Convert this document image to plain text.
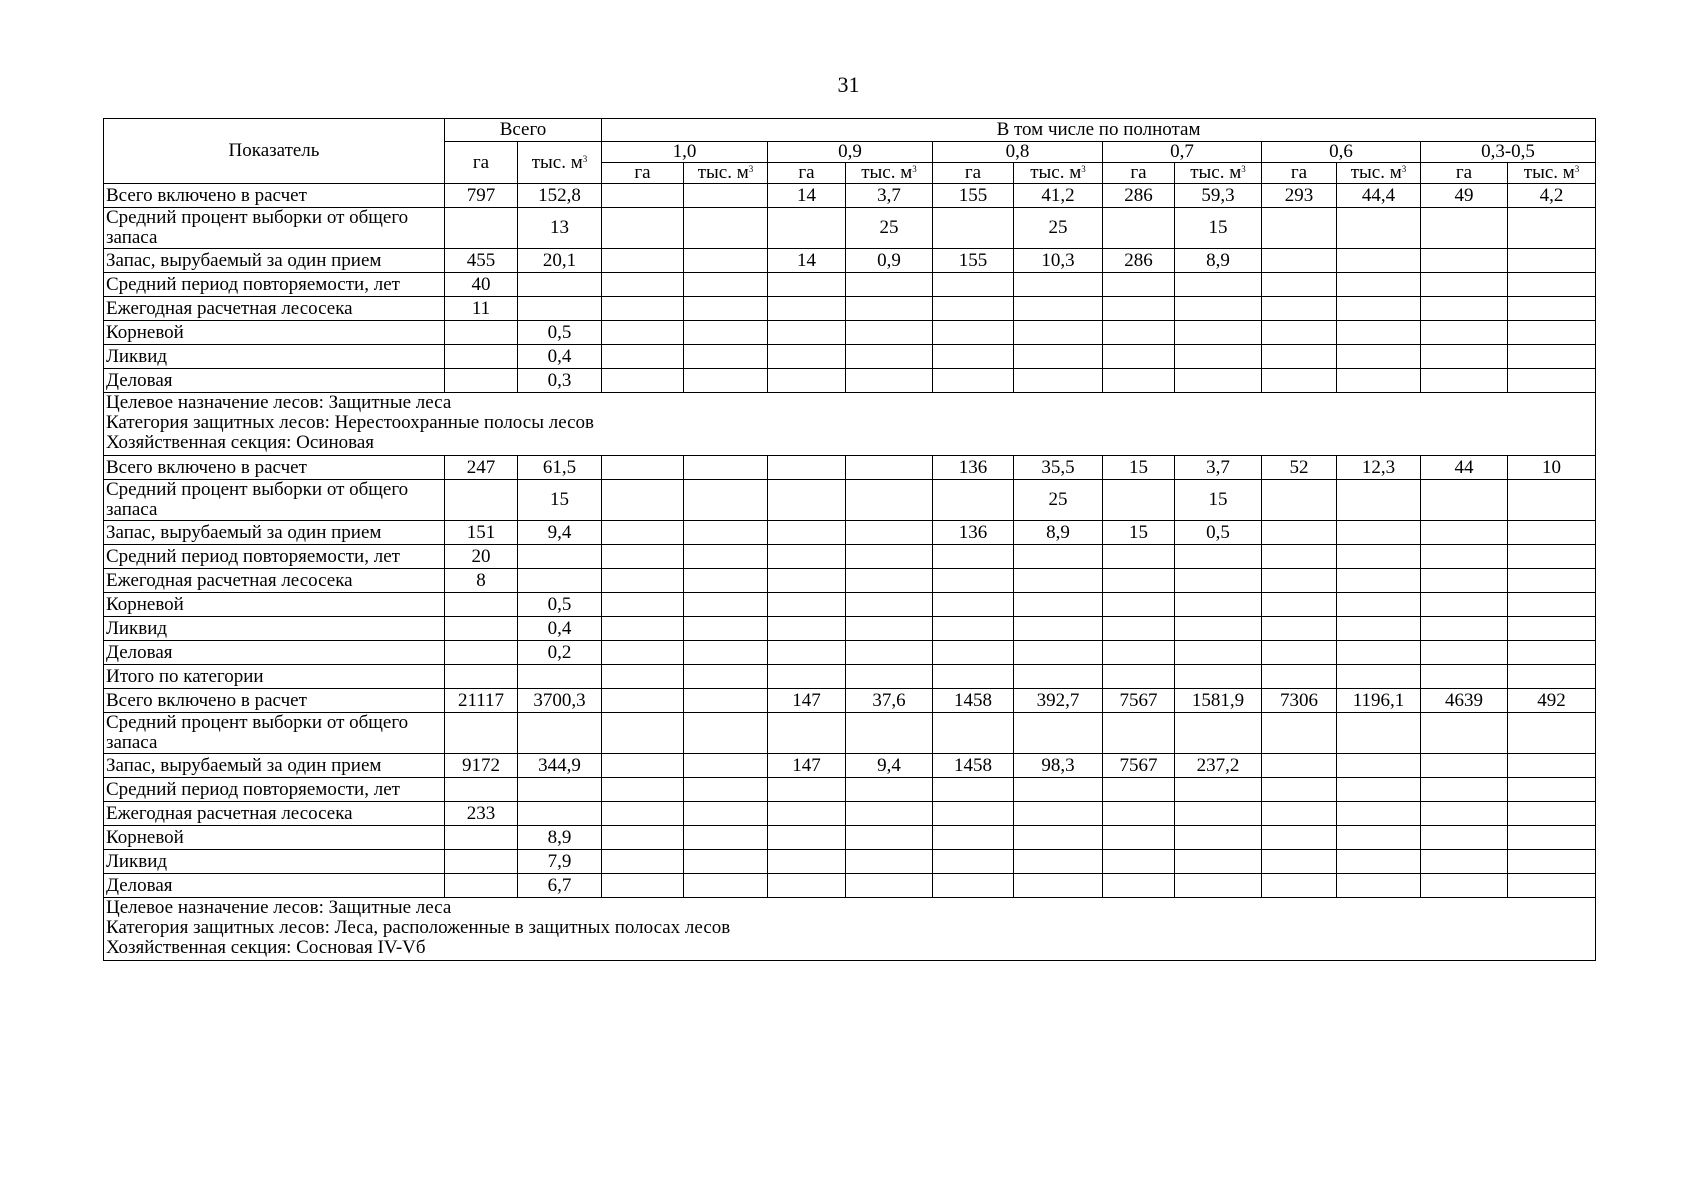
31
Показатель	Всего		В том числе по полнотам											
	га	тыс. $м^3$	1,0		0,9		0,8		0,7		0,6		0,3-0,5	
			га	тыс. $м^3$	га	тыс. $м^3$	га	тыс. $м^3$	га	тыс. $м^3$	га	тыс. $м^3$	га	тыс. $м^3$
Всего включено в расчет	797	152,8			14	3,7	155	41,2	286	59,3	293	44,4	49	4,2
Средний процент выборки от общего запаса		13				25		25		15				
Запас, вырубаемый за один прием	455	20,1			14	0,9	155	10,3	286	8,9				
Средний период повторяемости, лет	40													
Ежегодная расчетная лесосека	11													
Корневой		0,5												
Ликвид		0,4												
Деловая		0,3												

Целевое назначение лесов: Защитные леса
Категория защитных лесов: Нерестоохранные полосы лесов
Хозяйственная секция: Осиновая														

Всего включено в расчет	247	61,5					136	35,5	15	3,7	52	12,3	44	10
Средний процент выборки от общего запаса		15						25		15				
Запас, вырубаемый за один прием	151	9,4					136	8,9	15	0,5				
Средний период повторяемости, лет	20													
Ежегодная расчетная лесосека	8													
Корневой		0,5												
Ликвид		0,4												
Деловая		0,2												
Итого по категории														
Всего включено в расчет	21117	3700,3			147	37,6	1458	392,7	7567	1581,9	7306	1196,1	4639	492
Средний процент выборки от общего запаса														
Запас, вырубаемый за один прием	9172	344,9			147	9,4	1458	98,3	7567	237,2				
Средний период повторяемости, лет														
Ежегодная расчетная лесосека	233													
Корневой		8,9												
Ликвид		7,9												
Деловая		6,7												

Целевое назначение лесов: Защитные леса
Категория защитных лесов: Леса, расположенные в защитных полосах лесов
Хозяйственная секция: Сосновая IV-Vб														
